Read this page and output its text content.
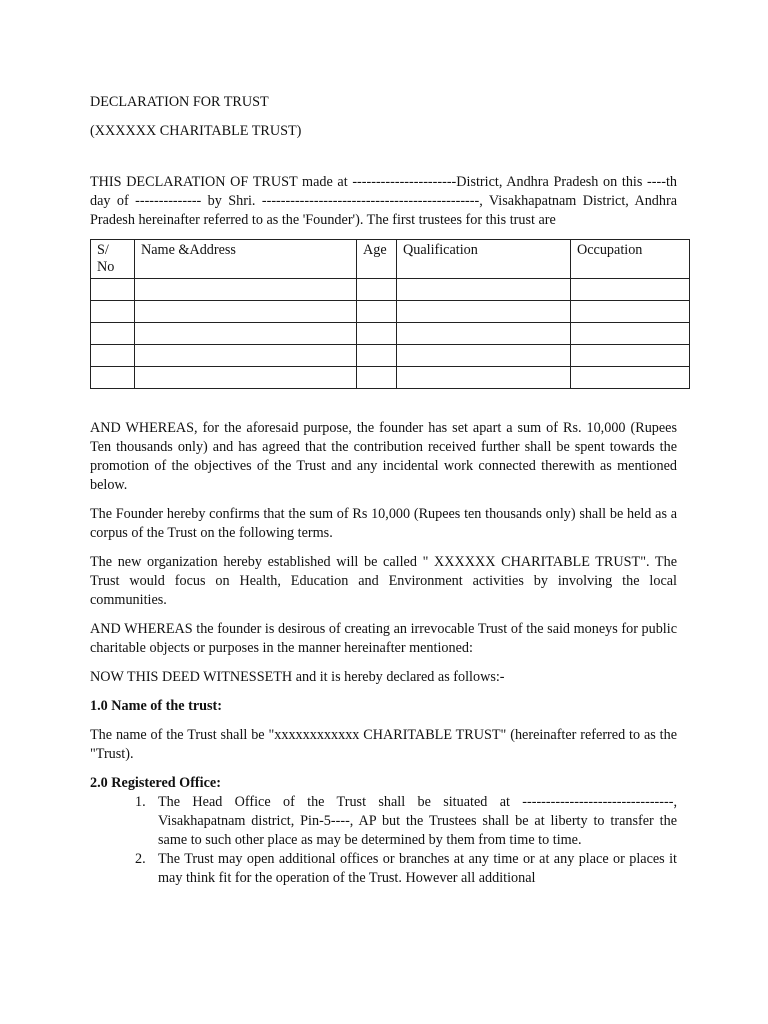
DECLARATION FOR TRUST

(XXXXXX CHARITABLE TRUST)

THIS DECLARATION OF TRUST made at ----------------------District, Andhra Pradesh on this ----th day of -------------- by Shri. ----------------------------------------------, Visakhapatnam District, Andhra Pradesh hereinafter referred to as the 'Founder'). The first trustees for this trust are

S/ No	Name &Address	Age	Qualification	Occupation

AND WHEREAS, for the aforesaid purpose, the founder has set apart a sum of Rs. 10,000 (Rupees Ten thousands only) and has agreed that the contribution received further shall be spent towards the promotion of the objectives of the Trust and any incidental work connected therewith as mentioned below.

The Founder hereby confirms that the sum of Rs 10,000 (Rupees ten thousands only) shall be held as a corpus of the Trust on the following terms.

The new organization hereby established will be called " XXXXXX CHARITABLE TRUST". The Trust would focus on Health, Education and Environment activities by involving the local communities.

AND WHEREAS the founder is desirous of creating an irrevocable Trust of the said moneys for public charitable objects or purposes in the manner hereinafter mentioned:

NOW THIS DEED WITNESSETH and it is hereby declared as follows:-

1.0 Name of the trust:

The name of the Trust shall be "xxxxxxxxxxxx CHARITABLE TRUST" (hereinafter referred to as the "Trust).

2.0 Registered Office:

1. The Head Office of the Trust shall be situated at --------------------------------, Visakhapatnam district, Pin-5----, AP but the Trustees shall be at liberty to transfer the same to such other place as may be determined by them from time to time.
2. The Trust may open additional offices or branches at any time or at any place or places it may think fit for the operation of the Trust. However all additional
